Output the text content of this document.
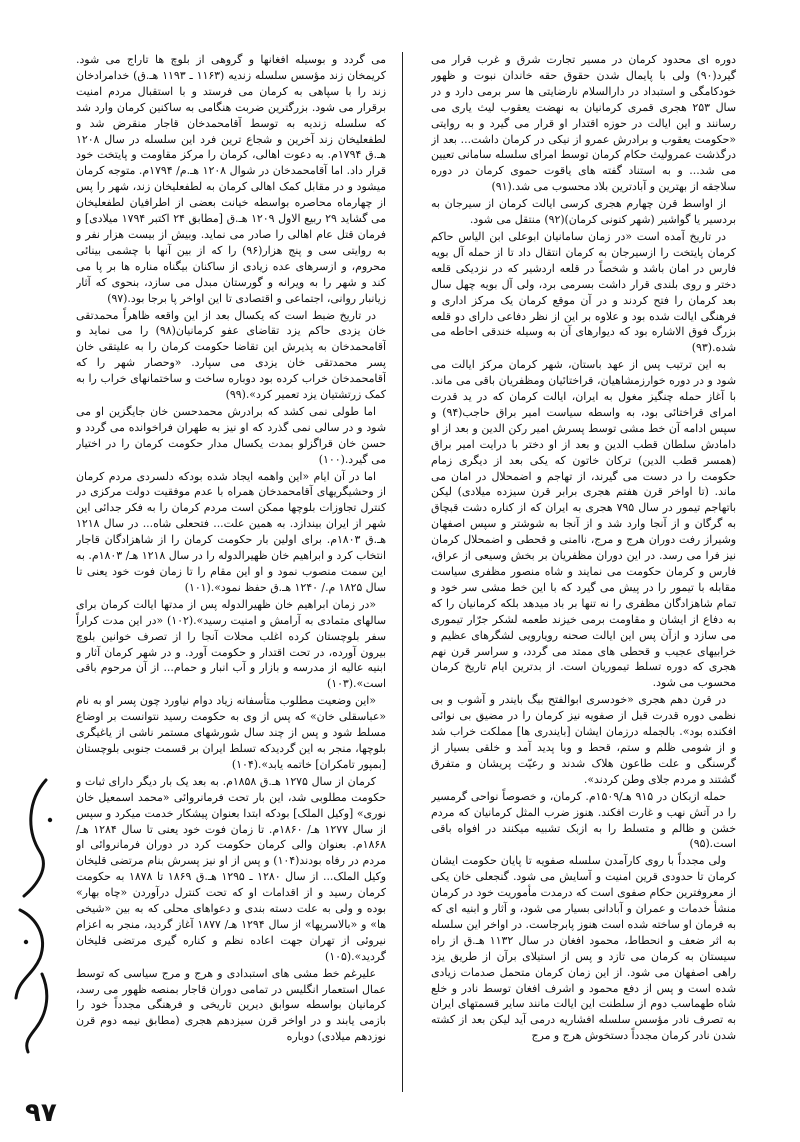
دوره ای محدود کرمان در مسیر تجارت شرق و غرب قرار می گیرد(۹۰) ولی با پایمال شدن حقوق حقه خاندان نبوت و ظهور خودکامگی و استبداد در دارالسلام نارضایتی ها سر برمی دارد و در سال ۲۵۳ هجری قمری کرمانیان به نهضت یعقوب لیث یاری می رسانند و این ایالت در حوزه اقتدار او قرار می گیرد و به روایتی «حکومت یعقوب و برادرش عمرو از نیکی در کرمان داشت... بعد از درگذشت عمرولیث حکام کرمان توسط امرای سلسله سامانی تعیین می شد... و به استناد گفته های یاقوت حموی کرمان در دوره سلاجقه از بهترین و آبادترین بلاد محسوب می شد.(۹۱)

از اواسط قرن چهارم هجری کرسی ایالت کرمان از سیرجان به بردسیر یا گواشیر (شهر کنونی کرمان)(۹۲) منتقل می شود.

در تاریخ آمده است «در زمان سامانیان ابوعلی ابن الیاس حاکم کرمان پایتخت را ازسیرجان به کرمان انتقال داد تا از حمله آل بویه فارس در امان باشد و شخصاً در قلعه اردشیر که در نزدیکی قلعه دختر و روی بلندی قرار داشت بسرمی برد، ولی آل بویه چهل سال بعد کرمان را فتح کردند و در آن موقع کرمان یک مرکز اداری و فرهنگی ایالت شده بود و علاوه بر این از نظر دفاعی دارای دو قلعه بزرگ فوق الاشاره بود که دیوارهای آن به وسیله خندقی احاطه می شده.(۹۳)

به این ترتیب پس از عهد باستان، شهر کرمان مرکز ایالت می شود و در دوره خوارزمشاهیان، قراختائیان ومظفریان باقی می ماند. با آغاز حمله چنگیز مغول به ایران، ایالت کرمان که در ید قدرت امرای قراختائی بود، به واسطه سیاست امیر براق حاجب(۹۴) و سپس ادامه آن خط مشی توسط پسرش امیر رکن الدین و بعد از او دامادش سلطان قطب الدین و بعد از او دختر با درایت امیر براق (همسر قطب الدین) ترکان خاتون که یکی بعد از دیگری زمام حکومت را در دست می گیرند، از تهاجم و اضمحلال در امان می ماند. (تا اواخر قرن هفتم هجری برابر قرن سیزده میلادی) لیکن باتهاجم تیمور در سال ۷۹۵ هجری به ایران که از کناره دشت قبچاق به گرگان و از آنجا وارد شد و از آنجا به شوشتر و سپس اصفهان وشیراز رفت دوران هرج و مرج، ناامنی و قحطی و اضمحلال کرمان نیز فرا می رسد. در این دوران مظفریان بر بخش وسیعی از عراق، فارس و کرمان حکومت می نمایند و شاه منصور مظفری سیاست مقابله با تیمور را در پیش می گیرد که با این خط مشی سر خود و تمام شاهزادگان مظفری را نه تنها بر باد میدهد بلکه کرمانیان را که به دفاع از ایشان و مقاومت برمی خیزند طعمه لشکر جرّار تیموری می سازد و ازآن پس این ایالت صحنه رویارویی لشگرهای عظیم و خرابیهای عجیب و قحطی های ممتد می گردد، و سراسر قرن نهم هجری که دوره تسلط تیموریان است. از بدترین ایام تاریخ کرمان محسوب می شود.

در قرن دهم هجری «خودسری ابوالفتح بیگ بایندر و آشوب و بی نظمی دوره قدرت قبل از صفویه نیز کرمان را در مضیق بی نوائی افکنده بود». بالجمله درزمان ایشان [بایندری ها] مملکت خراب شد و از شومی ظلم و ستم، قحط و وبا پدید آمد و خلقی بسیار از گرسنگی و علت طاعون هلاک شدند و رعیّت پریشان و متفرق گشتند و مردم جلای وطن کردند».

حمله ازبکان در ۹۱۵ هـ/۱۵۰۹م. کرمان، و خصوصاً نواحی گرمسیر را در آتش نهب و غارت افکند. هنوز ضرب المثل کرمانیان که مردم خشن و ظالم و متسلط را به ازبک تشبیه میکنند در افواه باقی است.(۹۵)

ولی مجدداً با روی کارآمدن سلسله صفویه تا پایان حکومت ایشان کرمان تا حدودی قرین امنیت و آسایش می شود. گنجعلی خان یکی از معروفترین حکام صفوی است که درمدت مأموریت خود در کرمان منشأ خدمات و عمران و آبادانی بسیار می شود، و آثار و ابنیه ای که به فرمان او ساخته شده است هنوز پابرجاست. در اواخر این سلسله به اثر ضعف و انحطاط، محمود افغان در سال ۱۱۳۲ هـ.ق از راه سیستان به کرمان می تازد و پس از استیلای برآن از طریق یزد راهی اصفهان می شود. از این زمان کرمان متحمل صدمات زیادی شده است و پس از دفع محمود و اشرف افغان توسط نادر و خلع شاه طهماسب دوم از سلطنت این ایالت مانند سایر قسمتهای ایران به تصرف نادر مؤسس سلسله افشاریه درمی آید لیکن بعد از کشته شدن نادر کرمان مجدداً دستخوش هرج و مرج

می گردد و بوسیله افغانها و گروهی از بلوچ ها تاراج می شود. کریمخان زند مؤسس سلسله زندیه (۱۱۶۳ ـ ۱۱۹۳ هـ.ق) خدامرادخان زند را با سپاهی به کرمان می فرستد و با استقبال مردم امنیت برقرار می شود. بزرگترین ضربت هنگامی به ساکنین کرمان وارد شد که سلسله زندیه به توسط آقامحمدخان قاجار منقرض شد و لطفعلیخان زند آخرین و شجاع ترین فرد این سلسله در سال ۱۲۰۸ هـ.ق ۱۷۹۴م. به دعوت اهالی، کرمان را مرکز مقاومت و پایتخت خود قرار داد. اما آقامحمدخان در شوال ۱۲۰۸ هـ.م/ ۱۷۹۴م. متوجه کرمان میشود و در مقابل کمک اهالی کرمان به لطفعلیخان زند، شهر را پس از چهارماه محاصره بواسطه خیانت بعضی از اطرافیان لطفعلیخان می گشاید ۲۹ ربیع الاول ۱۲۰۹ هـ.ق [مطابق ۲۴ اکتبر ۱۷۹۴ میلادی] و فرمان قتل عام اهالی را صادر می نماید. وبیش از بیست هزار نفر و به روایتی سی و پنج هزار(۹۶) را که از بین آنها با چشمی بینائی محروم، و ازسرهای عده زیادی از ساکنان بیگناه مناره ها بر پا می کند و شهر را به ویرانه و گورستان مبدل می سازد، بنحوی که آثار زیانبار روانی، اجتماعی و اقتصادی تا این اواخر پا برجا بود.(۹۷)

در تاریخ ضبط است که یکسال بعد از این واقعه ظاهراً محمدتقی خان یزدی حاکم یزد تقاضای عفو کرمانیان(۹۸) را می نماید و آقامحمدخان به پذیرش این تقاضا حکومت کرمان را به علیتقی خان پسر محمدتقی خان یزدی می سپارد. «وحصار شهر را که آقامحمدخان خراب کرده بود دوباره ساخت و ساختمانهای خراب را به کمک زرتشتیان یزد تعمیر کرد».(۹۹)

اما طولی نمی کشد که برادرش محمدحسن خان جایگزین او می شود و در سالی نمی گذرد که او نیز به طهران فراخوانده می گردد و حسن خان قراگزلو بمدت یکسال مدار حکومت کرمان را در اختیار می گیرد.(۱۰۰)

اما در آن ایام «این واهمه ایجاد شده بودکه دلسردی مردم کرمان از وحشیگریهای آقامحمدخان همراه با عدم موفقیت دولت مرکزی در کنترل تجاوزات بلوچها ممکن است مردم کرمان را به فکر جدائی این شهر از ایران بیندازد. به همین علت... فتحعلی شاه... در سال ۱۲۱۸ هـ.ق ۱۸۰۳م. برای اولین بار حکومت کرمان را از شاهزادگان قاجار انتخاب کرد و ابراهیم خان ظهیرالدوله را در سال ۱۲۱۸ هـ/ ۱۸۰۳م. به این سمت منصوب نمود و او این مقام را تا زمان فوت خود یعنی تا سال ۱۸۲۵ م./ ۱۲۴۰ هـ.ق حفظ نمود».(۱۰۱)

«در زمان ابراهیم خان ظهیرالدوله پس از مدتها ایالت کرمان برای سالهای متمادی به آرامش و امنیت رسید».(۱۰۲) «در این مدت کراراً سفر بلوچستان کرده اغلب محلات آنجا را از تصرف خوانین بلوچ بیرون آورده، در تحت اقتدار و حکومت آورد. و در شهر کرمان آثار و ابنیه عالیه از مدرسه و بازار و آب انبار و حمام... از آن مرحوم باقی است».(۱۰۳)

«این وضعیت مطلوب متأسفانه زیاد دوام نیاورد چون پسر او به نام «عباسقلی خان» که پس از وی به حکومت رسید نتوانست بر اوضاع مسلط شود و پس از چند سال شورشهای مستمر ناشی از یاغیگری بلوچها، منجر به این گردیدکه تسلط ایران بر قسمت جنوبی بلوچستان [بمپور تامکران] خاتمه یابد».(۱۰۴)

کرمان از سال ۱۲۷۵ هـ.ق ۱۸۵۸م. به بعد یک بار دیگر دارای ثبات و حکومت مطلوبی شد، این بار تحت فرمانروائی «محمد اسمعیل خان نوری» [وکیل الملک] بودکه ابتدا بعنوان پیشکار خدمت میکرد و سپس از سال ۱۲۷۷ هـ/ ۱۸۶۰م. تا زمان فوت خود یعنی تا سال ۱۲۸۴ هـ/ ۱۸۶۸م. بعنوان والی کرمان حکومت کرد در دوران فرمانروائی او مردم در رفاه بودند(۱۰۴) و پس از او نیز پسرش بنام مرتضی قلیخان وکیل الملک... از سال ۱۲۸۰ ـ ۱۲۹۵ هـ.ق ۱۸۶۹ تا ۱۸۷۸ به حکومت کرمان رسید و از اقدامات او که تحت کنترل درآوردن «چاه بهار» بوده و ولی به علت دسته بندی و دعواهای محلی که به بین «شیخی ها» و «بالاسریها» از سال ۱۲۹۴ هـ/ ۱۸۷۷ آغاز گردید، منجر به اعزام نیروئی از تهران جهت اعاده نظم و کناره گیری مرتضی قلیخان گردید».(۱۰۵)

علیرغم خط مشی های استبدادی و هرج و مرج سیاسی که توسط عمال استعمار انگلیس در تمامی دوران قاجار بمنصه ظهور می رسد، کرمانیان بواسطه سوابق دیرین تاریخی و فرهنگی مجدداً خود را بازمی یابند و در اواخر قرن سیزدهم هجری (مطابق نیمه دوم قرن نوزدهم میلادی) دوباره

۹۷
